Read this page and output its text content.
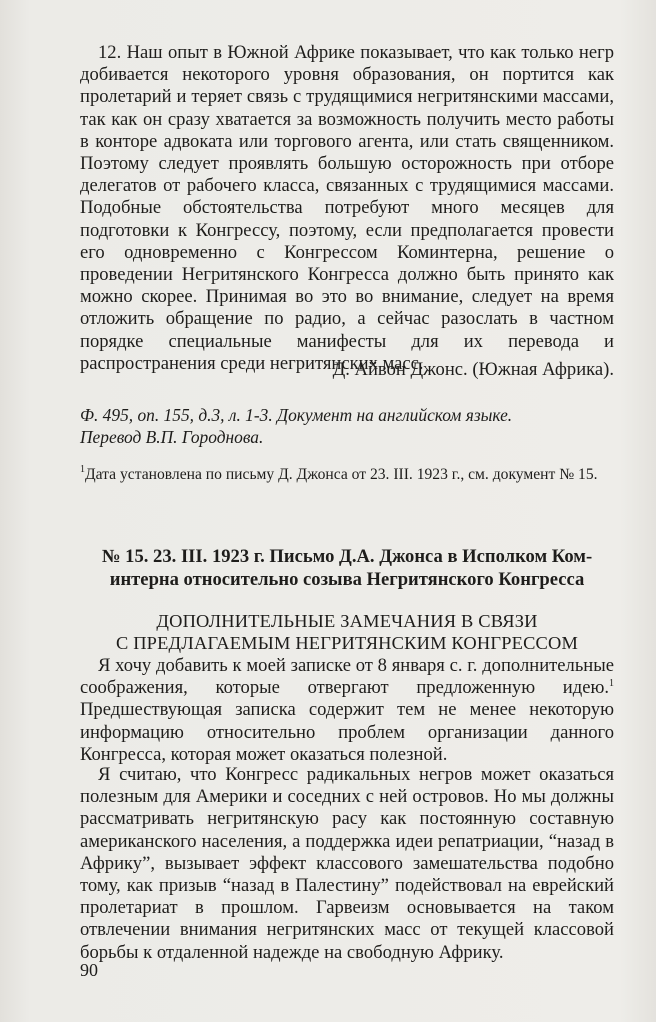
12. Наш опыт в Южной Африке показывает, что как только негр добивается некоторого уровня образования, он портится как пролетарий и теряет связь с трудящимися негритянскими массами, так как он сразу хватается за возможность получить место работы в конторе адвоката или торгового агента, или стать священником. Поэтому следует проявлять большую осторожность при отборе делегатов от рабочего класса, связанных с трудящимися массами. Подобные обстоятельства потребуют много месяцев для подготовки к Конгрессу, поэтому, если предполагается провести его одновременно с Конгрессом Коминтерна, решение о проведении Негритянского Конгресса должно быть принято как можно скорее. Принимая во это во внимание, следует на время отложить обращение по радио, а сейчас разослать в частном порядке специальные манифесты для их перевода и распространения среди негритянских масс.

Д. Айвон Джонс. (Южная Африка).

Ф. 495, оп. 155, д.3, л. 1-3. Документ на английском языке.

Перевод В.П. Городнова.

$^1$Дата установлена по письму Д. Джонса от 23. III. 1923 г., см. документ № 15.

№ 15. 23. III. 1923 г. Письмо Д.А. Джонса в Исполком Ком-

интерна относительно созыва Негритянского Конгресса

ДОПОЛНИТЕЛЬНЫЕ ЗАМЕЧАНИЯ В СВЯЗИ

С ПРЕДЛАГАЕМЫМ НЕГРИТЯНСКИМ КОНГРЕССОМ

Я хочу добавить к моей записке от 8 января с. г. дополнительные соображения, которые отвергают предложенную идею.$^1$ Предшествующая записка содержит тем не менее некоторую информацию относительно проблем организации данного Конгресса, которая может оказаться полезной.

Я считаю, что Конгресс радикальных негров может оказаться полезным для Америки и соседних с ней островов. Но мы должны рассматривать негритянскую расу как постоянную составную американского населения, а поддержка идеи репатриации, “назад в Африку”, вызывает эффект классового замешательства подобно тому, как призыв “назад в Палестину” подействовал на еврейский пролетариат в прошлом. Гарвеизм основывается на таком отвлечении внимания негритянских масс от текущей классовой борьбы к отдаленной надежде на свободную Африку.

90
